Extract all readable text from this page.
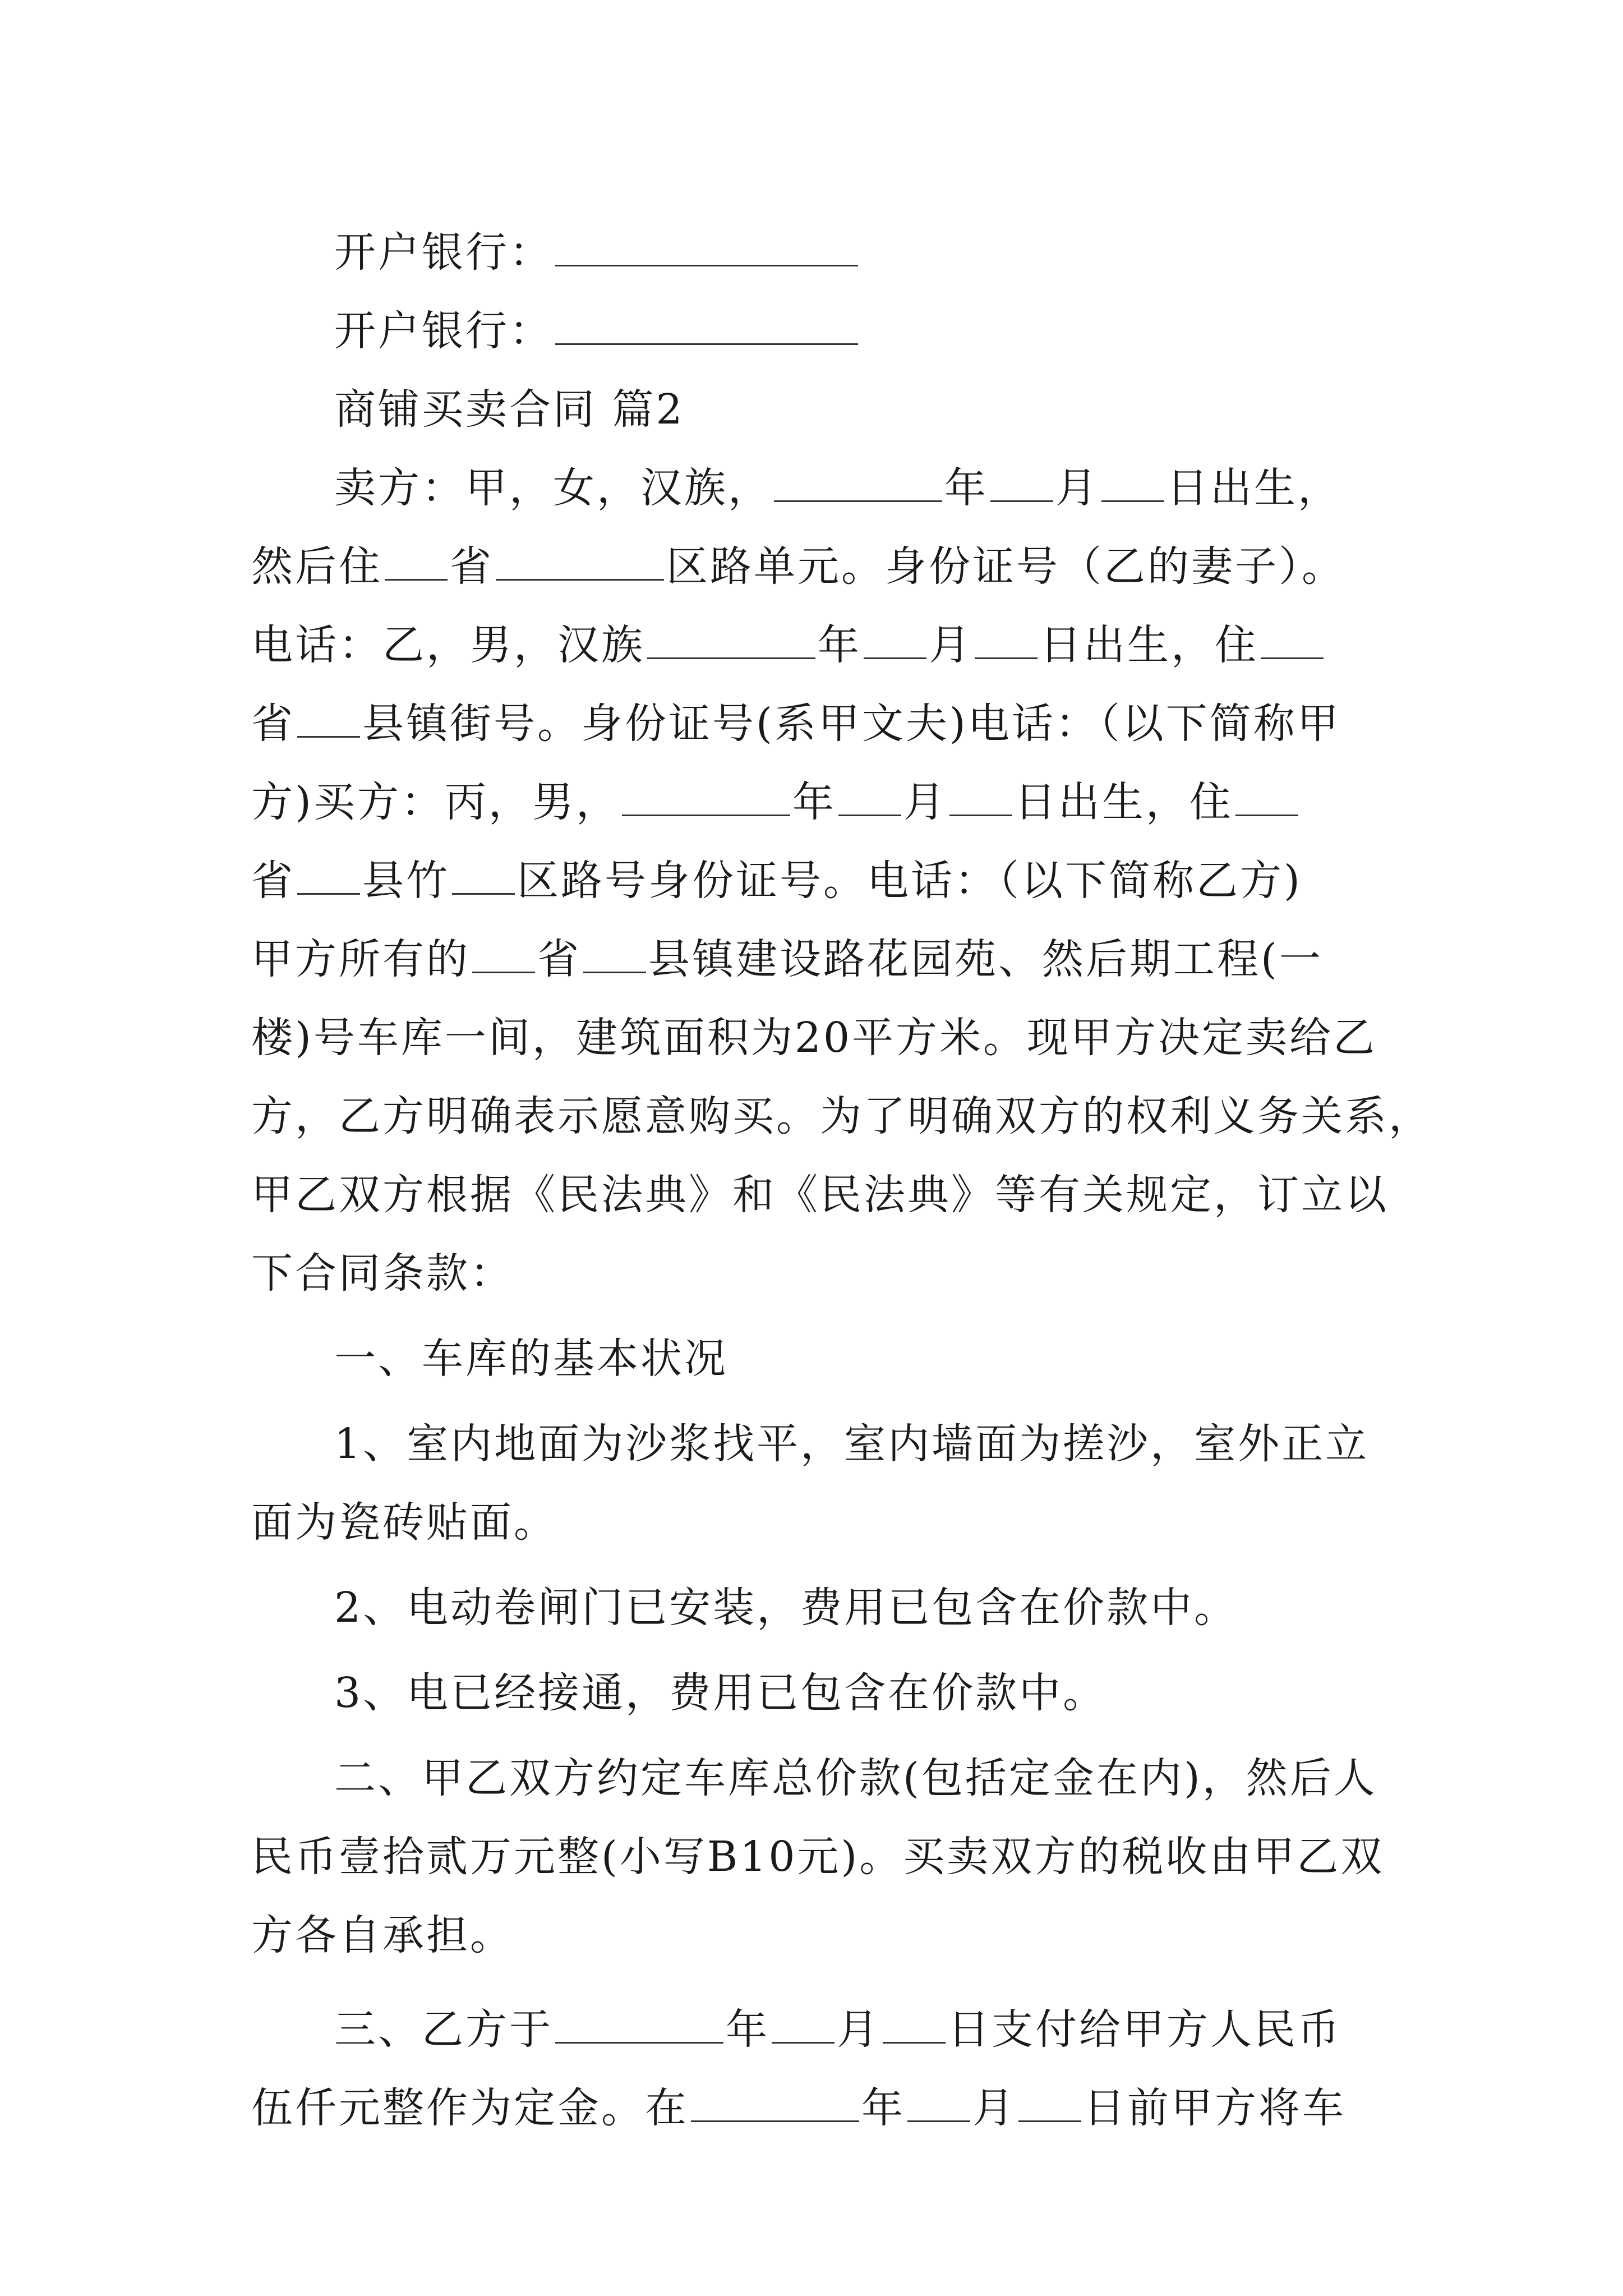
开户银行：
开户银行：
商铺买卖合同 篇2
卖方：甲，女，汉族，	年 月 日出生，
然后住 省	区路单元。身份证号（乙的妻子）。
电话：乙，男，汉族	年 月 日出生，住
省 县镇街号。身份证号(系甲文夫)电话：（以下简称甲
方)买方：丙，男，	年 月 日出生，住
省 县竹 区路号身份证号。电话：（以下简称乙方)
甲方所有的 省 县镇建设路花园苑、然后期工程(一
楼)号车库一间，建筑面积为20平方米。现甲方决定卖给乙
方，乙方明确表示愿意购买。为了明确双方的权利义务关系，
甲乙双方根据《民法典》和《民法典》等有关规定，订立以
下合同条款：
一、车库的基本状况
1、室内地面为沙浆找平，室内墙面为搓沙，室外正立
面为瓷砖贴面。
2、电动卷闸门已安装，费用已包含在价款中。
3、电已经接通，费用已包含在价款中。
二、甲乙双方约定车库总价款(包括定金在内)，然后人
民币壹拾贰万元整(小写B10元)。买卖双方的税收由甲乙双
方各自承担。
三、乙方于	年 月 日支付给甲方人民币
伍仟元整作为定金。在	年 月 日前甲方将车
